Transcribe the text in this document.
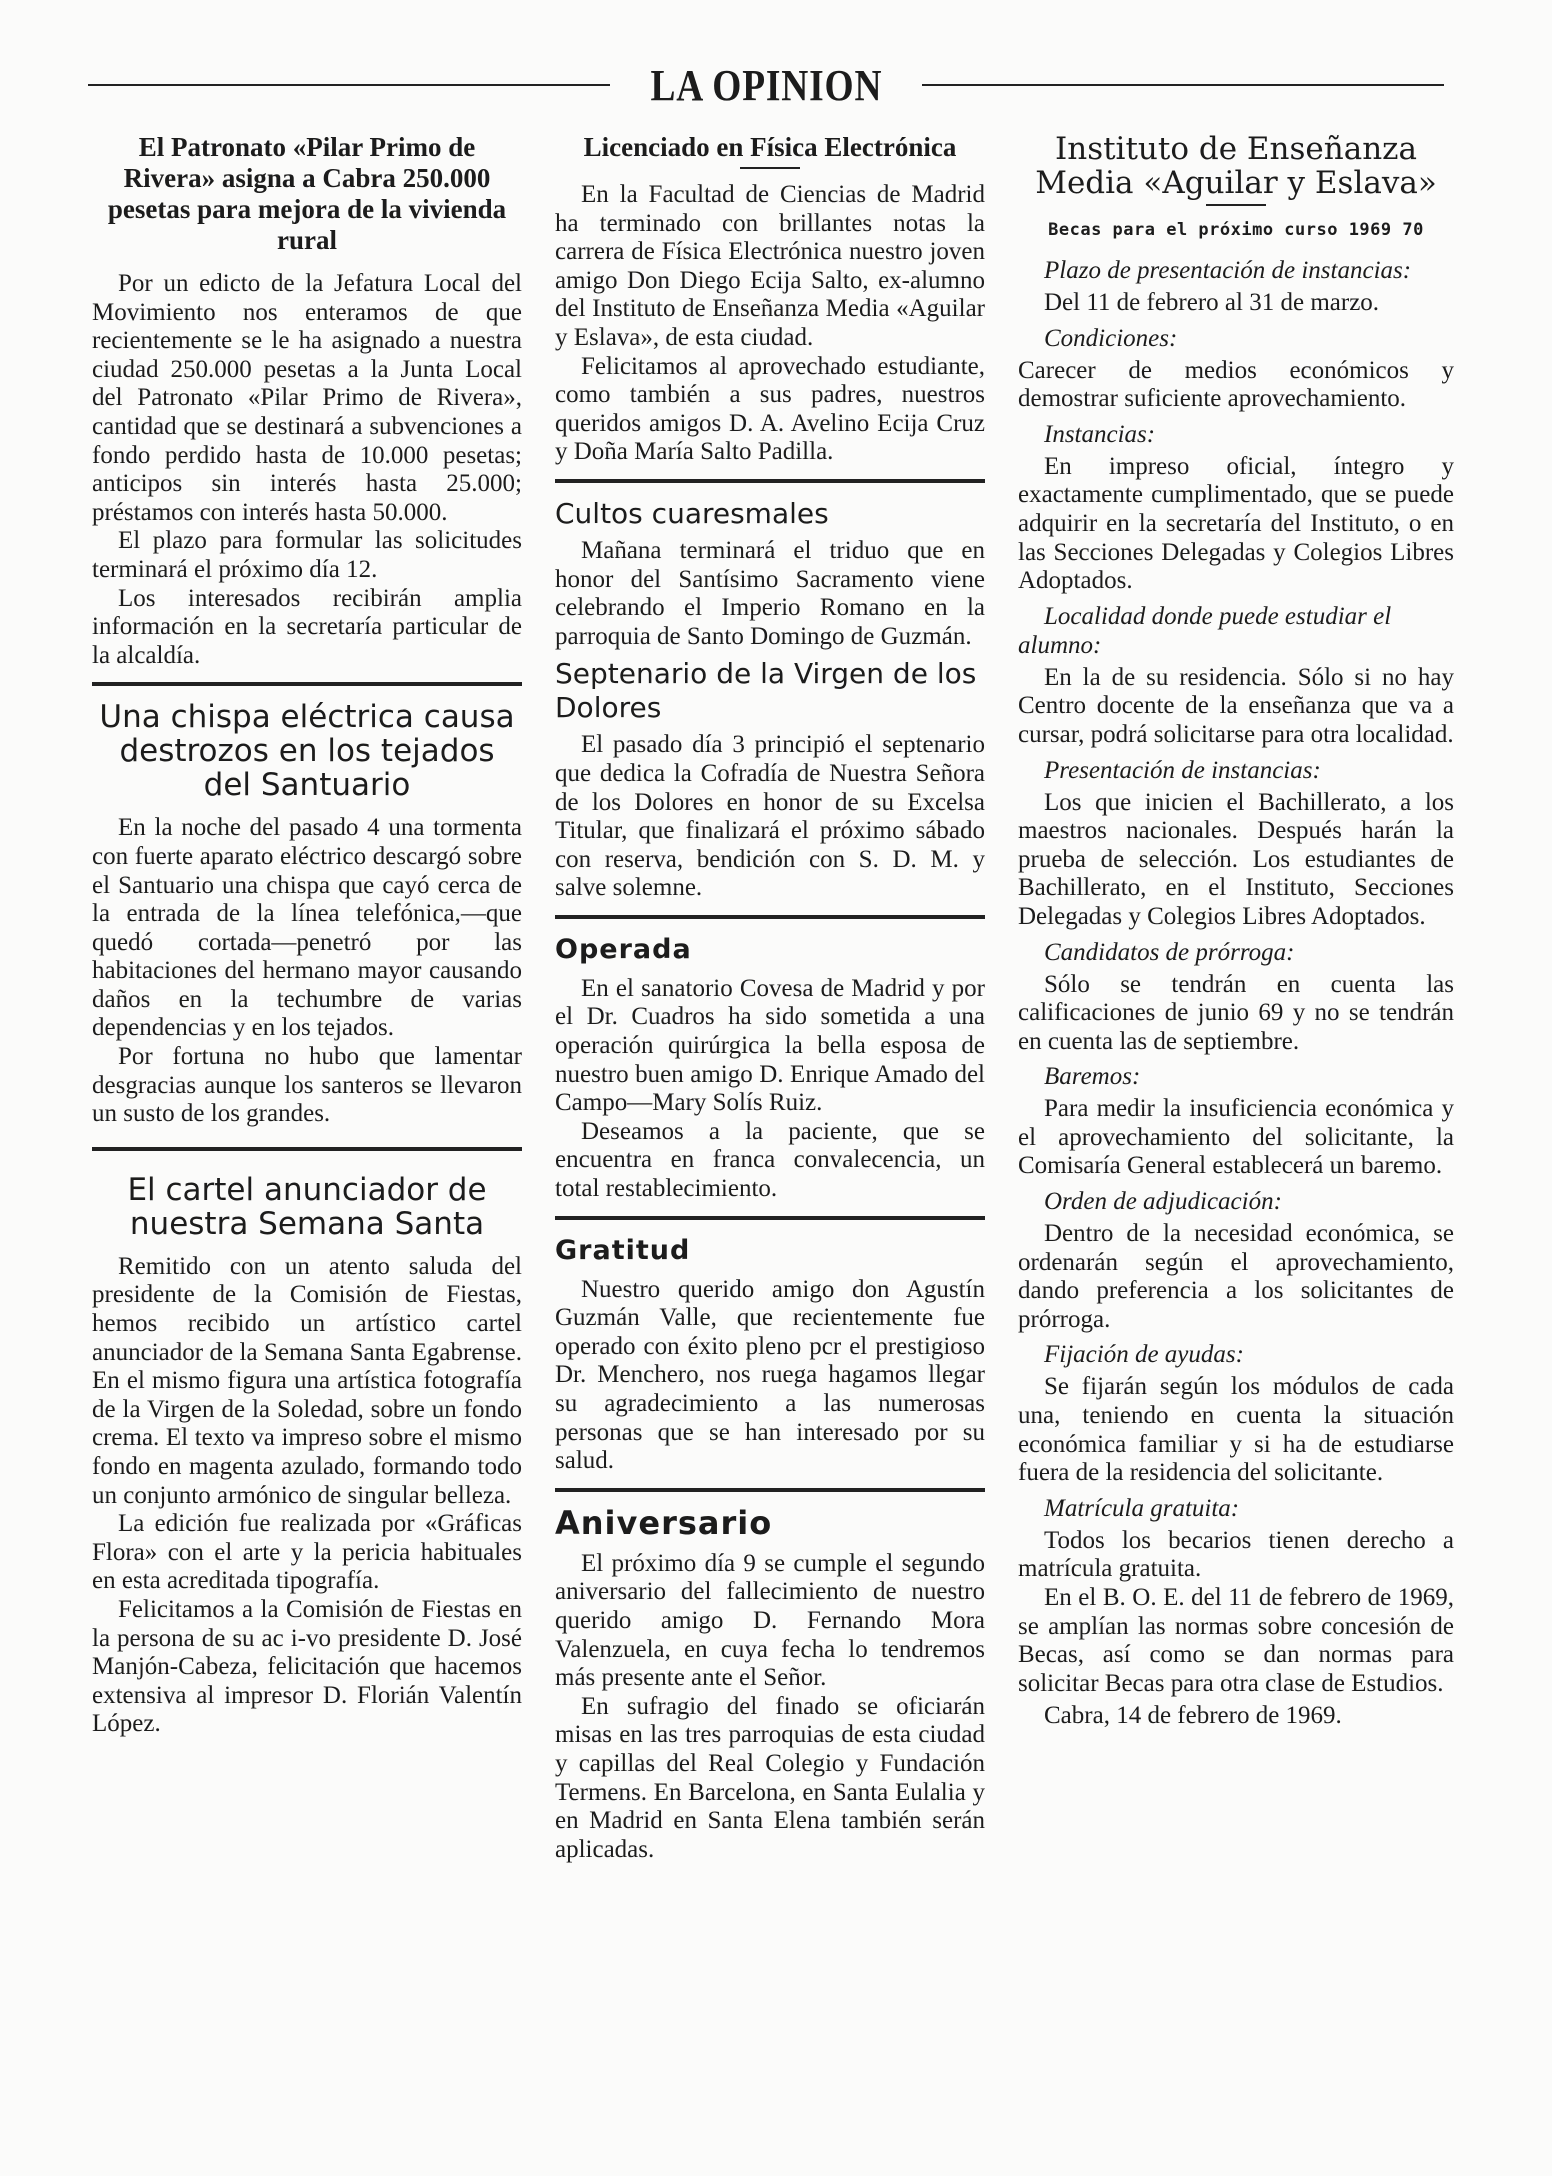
LA OPINION
El Patronato «Pilar Primo de Rivera» asigna a Cabra 250.000 pesetas para mejora de la vivienda rural

Por un edicto de la Jefatura Local del Movimiento nos enteramos de que recientemente se le ha asignado a nuestra ciudad 250.000 pesetas a la Junta Local del Patronato «Pilar Primo de Rivera», cantidad que se destinará a subvenciones a fondo perdido hasta de 10.000 pesetas; anticipos sin interés hasta 25.000; préstamos con interés hasta 50.000.

El plazo para formular las solicitudes terminará el próximo día 12.

Los interesados recibirán amplia información en la secretaría particular de la alcaldía.

Una chispa eléctrica causa destrozos en los tejados del Santuario

En la noche del pasado 4 una tormenta con fuerte aparato eléctrico descargó sobre el Santuario una chispa que cayó cerca de la entrada de la línea telefónica,—que quedó cortada—penetró por las habitaciones del hermano mayor causando daños en la techumbre de varias dependencias y en los tejados.

Por fortuna no hubo que lamentar desgracias aunque los santeros se llevaron un susto de los grandes.

El cartel anunciador de nuestra Semana Santa

Remitido con un atento saluda del presidente de la Comisión de Fiestas, hemos recibido un artístico cartel anunciador de la Semana Santa Egabrense. En el mismo figura una artística fotografía de la Virgen de la Soledad, sobre un fondo crema. El texto va impreso sobre el mismo fondo en magenta azulado, formando todo un conjunto armónico de singular belleza.

La edición fue realizada por «Gráficas Flora» con el arte y la pericia habituales en esta acreditada tipografía.

Felicitamos a la Comisión de Fiestas en la persona de su ac i-vo presidente D. José Manjón-Cabeza, felicitación que hacemos extensiva al impresor D. Florián Valentín López.

Licenciado en Física Electrónica

En la Facultad de Ciencias de Madrid ha terminado con brillantes notas la carrera de Física Electrónica nuestro joven amigo Don Diego Ecija Salto, ex-alumno del Instituto de Enseñanza Media «Aguilar y Eslava», de esta ciudad.

Felicitamos al aprovechado estudiante, como también a sus padres, nuestros queridos amigos D. A. Avelino Ecija Cruz y Doña María Salto Padilla.

Cultos cuaresmales

Mañana terminará el triduo que en honor del Santísimo Sacramento viene celebrando el Imperio Romano en la parroquia de Santo Domingo de Guzmán.

Septenario de la Virgen de los Dolores

El pasado día 3 principió el septenario que dedica la Cofradía de Nuestra Señora de los Dolores en honor de su Excelsa Titular, que finalizará el próximo sábado con reserva, bendición con S. D. M. y salve solemne.

Operada

En el sanatorio Covesa de Madrid y por el Dr. Cuadros ha sido sometida a una operación quirúrgica la bella esposa de nuestro buen amigo D. Enrique Amado del Campo—Mary Solís Ruiz.

Deseamos a la paciente, que se encuentra en franca convalecencia, un total restablecimiento.

Gratitud

Nuestro querido amigo don Agustín Guzmán Valle, que recientemente fue operado con éxito pleno pcr el prestigioso Dr. Menchero, nos ruega hagamos llegar su agradecimiento a las numerosas personas que se han interesado por su salud.

Aniversario

El próximo día 9 se cumple el segundo aniversario del fallecimiento de nuestro querido amigo D. Fernando Mora Valenzuela, en cuya fecha lo tendremos más presente ante el Señor.

En sufragio del finado se oficiarán misas en las tres parroquias de esta ciudad y capillas del Real Colegio y Fundación Termens. En Barcelona, en Santa Eulalia y en Madrid en Santa Elena también serán aplicadas.

Instituto de Enseñanza Media «Aguilar y Eslava»
Becas para el próximo curso 1969 70
Plazo de presentación de instancias:

Del 11 de febrero al 31 de marzo.

Condiciones:

Carecer de medios económicos y demostrar suficiente aprovechamiento.

Instancias:

En impreso oficial, íntegro y exactamente cumplimentado, que se puede adquirir en la secretaría del Instituto, o en las Secciones Delegadas y Colegios Libres Adoptados.

Localidad donde puede estudiar el alumno:

En la de su residencia. Sólo si no hay Centro docente de la enseñanza que va a cursar, podrá solicitarse para otra localidad.

Presentación de instancias:

Los que inicien el Bachillerato, a los maestros nacionales. Después harán la prueba de selección. Los estudiantes de Bachillerato, en el Instituto, Secciones Delegadas y Colegios Libres Adoptados.

Candidatos de prórroga:

Sólo se tendrán en cuenta las calificaciones de junio 69 y no se tendrán en cuenta las de septiembre.

Baremos:

Para medir la insuficiencia económica y el aprovechamiento del solicitante, la Comisaría General establecerá un baremo.

Orden de adjudicación:

Dentro de la necesidad económica, se ordenarán según el aprovechamiento, dando preferencia a los solicitantes de prórroga.

Fijación de ayudas:

Se fijarán según los módulos de cada una, teniendo en cuenta la situación económica familiar y si ha de estudiarse fuera de la residencia del solicitante.

Matrícula gratuita:

Todos los becarios tienen derecho a matrícula gratuita.

En el B. O. E. del 11 de febrero de 1969, se amplían las normas sobre concesión de Becas, así como se dan normas para solicitar Becas para otra clase de Estudios.

Cabra, 14 de febrero de 1969.
